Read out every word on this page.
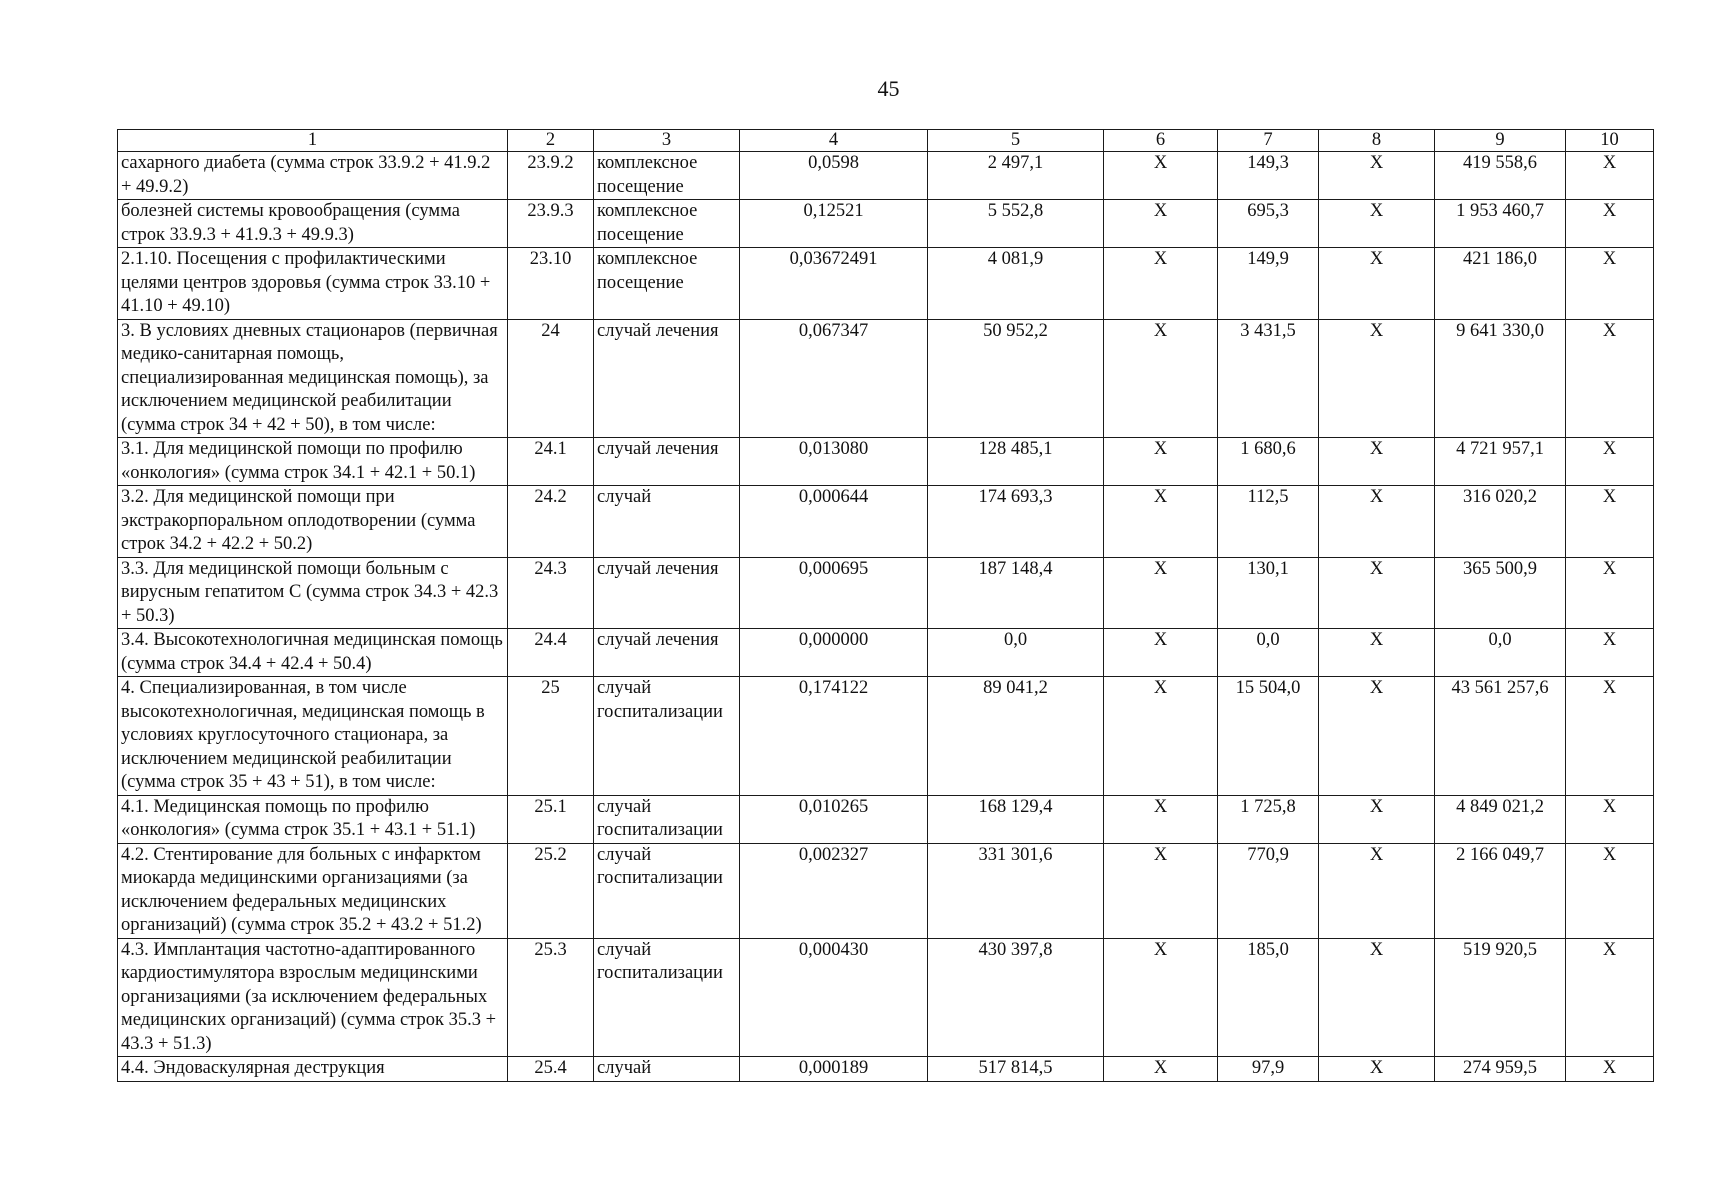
45
1	2	3	4	5	6	7	8	9	10
сахарного диабета (сумма строк 33.9.2 + 41.9.2 + 49.9.2)	23.9.2	комплексное посещение	0,0598	2 497,1	X	149,3	X	419 558,6	X
болезней системы кровообращения (сумма строк 33.9.3 + 41.9.3 + 49.9.3)	23.9.3	комплексное посещение	0,12521	5 552,8	X	695,3	X	1 953 460,7	X
2.1.10. Посещения с профилактическими целями центров здоровья (сумма строк 33.10 + 41.10 + 49.10)	23.10	комплексное посещение	0,03672491	4 081,9	X	149,9	X	421 186,0	X
3. В условиях дневных стационаров (первичная медико-санитарная помощь, специализированная медицинская помощь), за исключением медицинской реабилитации (сумма строк 34 + 42 + 50), в том числе:	24	случай лечения	0,067347	50 952,2	X	3 431,5	X	9 641 330,0	X
3.1. Для медицинской помощи по профилю «онкология» (сумма строк 34.1 + 42.1 + 50.1)	24.1	случай лечения	0,013080	128 485,1	X	1 680,6	X	4 721 957,1	X
3.2. Для медицинской помощи при экстракорпоральном оплодотворении (сумма строк 34.2 + 42.2 + 50.2)	24.2	случай	0,000644	174 693,3	X	112,5	X	316 020,2	X
3.3. Для медицинской помощи больным с вирусным гепатитом С (сумма строк 34.3 + 42.3 + 50.3)	24.3	случай лечения	0,000695	187 148,4	X	130,1	X	365 500,9	X
3.4. Высокотехнологичная медицинская помощь (сумма строк 34.4 + 42.4 + 50.4)	24.4	случай лечения	0,000000	0,0	X	0,0	X	0,0	X
4. Специализированная, в том числе высокотехнологичная, медицинская помощь в условиях круглосуточного стационара, за исключением медицинской реабилитации (сумма строк 35 + 43 + 51), в том числе:	25	случай госпитализации	0,174122	89 041,2	X	15 504,0	X	43 561 257,6	X
4.1. Медицинская помощь по профилю «онкология» (сумма строк 35.1 + 43.1 + 51.1)	25.1	случай госпитализации	0,010265	168 129,4	X	1 725,8	X	4 849 021,2	X
4.2. Стентирование для больных с инфарктом миокарда медицинскими организациями (за исключением федеральных медицинских организаций) (сумма строк 35.2 + 43.2 + 51.2)	25.2	случай госпитализации	0,002327	331 301,6	X	770,9	X	2 166 049,7	X
4.3. Имплантация частотно-адаптированного кардиостимулятора взрослым медицинскими организациями (за исключением федеральных медицинских организаций) (сумма строк 35.3 + 43.3 + 51.3)	25.3	случай госпитализации	0,000430	430 397,8	X	185,0	X	519 920,5	X
4.4. Эндоваскулярная деструкция	25.4	случай	0,000189	517 814,5	X	97,9	X	274 959,5	X
